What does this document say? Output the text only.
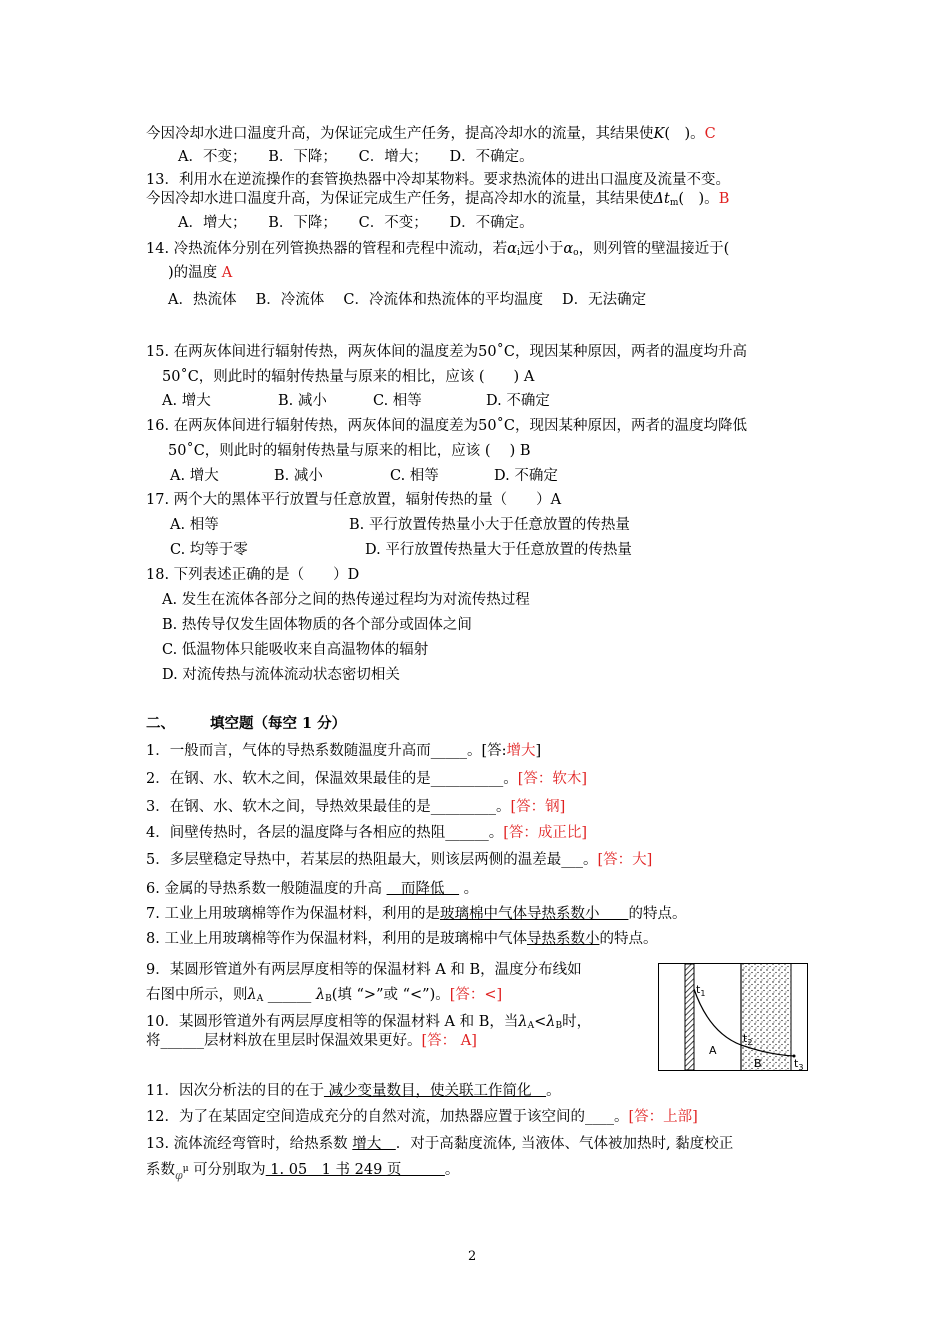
今因冷却水进口温度升高，为保证完成生产任务，提高冷却水的流量，其结果使K(　)。C
A．不变；　　B．下降；　　C．增大；　　D．不确定。
13．利用水在逆流操作的套管换热器中冷却某物料。要求热流体的进出口温度及流量不变。
今因冷却水进口温度升高，为保证完成生产任务，提高冷却水的流量，其结果使$\Delta t_m$(　)。B
A．增大；　　B．下降；　　C．不变；　　D．不确定。
14. 冷热流体分别在列管换热器的管程和壳程中流动，若$\alpha_i$远小于$\alpha_o$，则列管的壁温接近于(
)的温度 A
A．热流体　 B．冷流体　 C．冷流体和热流体的平均温度　 D．无法确定
15. 在两灰体间进行辐射传热，两灰体间的温度差为50˚C，现因某种原因，两者的温度均升高
50˚C，则此时的辐射传热量与原来的相比，应该 (　　) A
A. 增大	B. 减小	C. 相等	D. 不确定
16. 在两灰体间进行辐射传热，两灰体间的温度差为50˚C，现因某种原因，两者的温度均降低
50˚C，则此时的辐射传热量与原来的相比，应该 (　 ) B
A. 增大	B. 减小	C. 相等	D. 不确定
17. 两个大的黑体平行放置与任意放置，辐射传热的量（　　）A
A. 相等	B. 平行放置传热量小大于任意放置的传热量
C. 均等于零	D. 平行放置传热量大于任意放置的传热量
18. 下列表述正确的是（　　）D
A. 发生在流体各部分之间的热传递过程均为对流传热过程
B. 热传导仅发生固体物质的各个部分或固体之间
C. 低温物体只能吸收来自高温物体的辐射
D. 对流传热与流体流动状态密切相关
二、 填空题（每空 1 分）
1．一般而言，气体的导热系数随温度升高而_____。[答:增大]
2．在钢、水、软木之间，保温效果最佳的是__________。[答：软木]
3．在钢、水、软木之间，导热效果最佳的是_________。[答：钢]
4．间壁传热时，各层的温度降与各相应的热阻______。[答：成正比]
5．多层壁稳定导热中，若某层的热阻最大，则该层两侧的温差最___。[答：大]
6. 金属的导热系数一般随温度的升高 　而降低　 。
7. 工业上用玻璃棉等作为保温材料，利用的是玻璃棉中气体导热系数小　　的特点。
8. 工业上用玻璃棉等作为保温材料，利用的是玻璃棉中气体导热系数小的特点。
9．某圆形管道外有两层厚度相等的保温材料 A 和 B，温度分布线如
右图中所示，则$\lambda_A$ ______ $\lambda_B$(填 “>”或 “<”)。[答：<]
10．某圆形管道外有两层厚度相等的保温材料 A 和 B，当$\lambda_A<\lambda_B$时，
将______层材料放在里层时保温效果更好。[答： A]
$t_1$
$t_2$
$t_3$
A
B
11．因次分析法的目的在于 减少变量数目，使关联工作简化　。
12．为了在某固定空间造成充分的自然对流，加热器应置于该空间的____。[答：上部]
13. 流体流经弯管时，给热系数 增大　．对于高黏度流体, 当液体、气体被加热时, 黏度校正
系数$_\varphi^\mu$ 可分别取为 1. 05　1 书 249 页　　　。
2
